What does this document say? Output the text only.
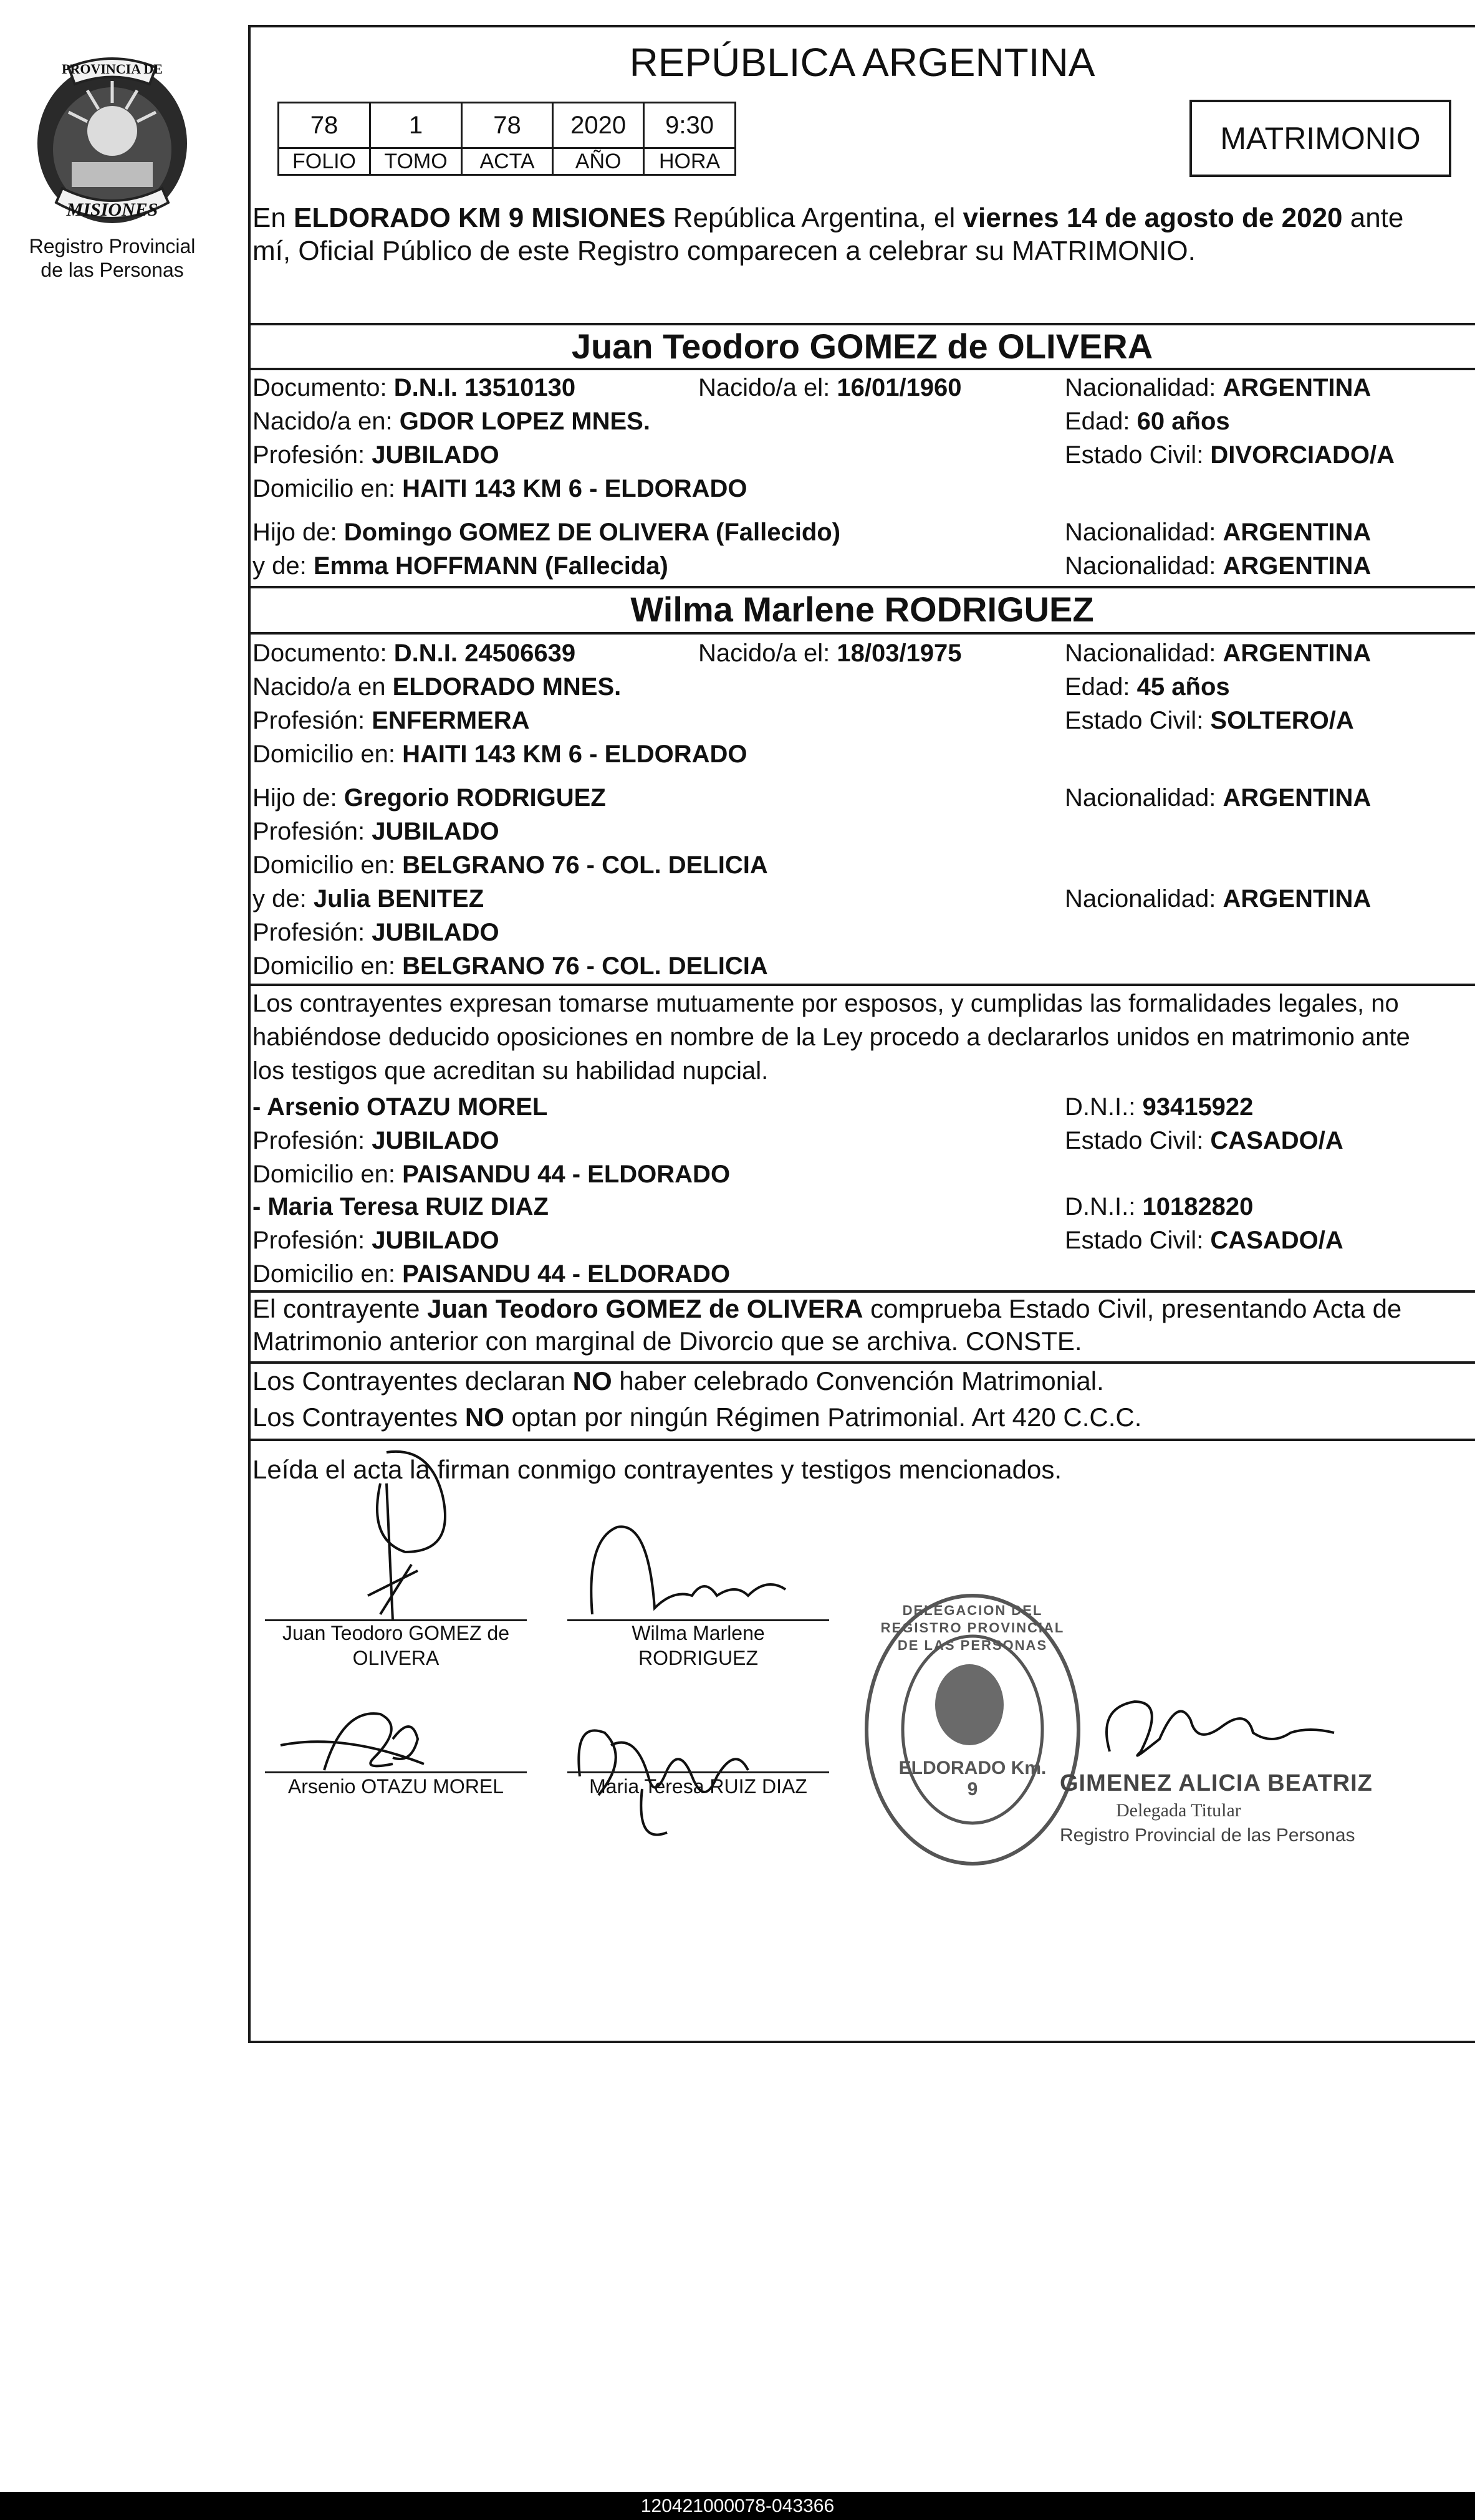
PROVINCIA DE
MISIONES
Registro Provincial
de las Personas
REPÚBLICA ARGENTINA
78	1	78	2020	9:30
FOLIO	TOMO	ACTA	AÑO	HORA
MATRIMONIO
En ELDORADO KM 9 MISIONES República Argentina, el viernes 14 de agosto de 2020 ante
mí, Oficial Público de este Registro comparecen a celebrar su MATRIMONIO.
Juan Teodoro GOMEZ de OLIVERA
Documento: D.N.I. 13510130	Nacido/a el: 16/01/1960	Nacionalidad: ARGENTINA
Nacido/a en: GDOR LOPEZ MNES.	Edad: 60 años
Profesión: JUBILADO	Estado Civil: DIVORCIADO/A
Domicilio en: HAITI 143 KM 6 - ELDORADO
Hijo de: Domingo GOMEZ DE OLIVERA (Fallecido)	Nacionalidad: ARGENTINA
y de: Emma HOFFMANN (Fallecida)	Nacionalidad: ARGENTINA
Wilma Marlene RODRIGUEZ
Documento: D.N.I. 24506639	Nacido/a el: 18/03/1975	Nacionalidad: ARGENTINA
Nacido/a en ELDORADO MNES.	Edad: 45 años
Profesión: ENFERMERA	Estado Civil: SOLTERO/A
Domicilio en: HAITI 143 KM 6 - ELDORADO
Hijo de: Gregorio RODRIGUEZ	Nacionalidad: ARGENTINA
Profesión: JUBILADO
Domicilio en: BELGRANO 76 - COL. DELICIA
y de: Julia BENITEZ	Nacionalidad: ARGENTINA
Profesión: JUBILADO
Domicilio en: BELGRANO 76 - COL. DELICIA
Los contrayentes expresan tomarse mutuamente por esposos, y cumplidas las formalidades legales, no
habiéndose deducido oposiciones en nombre de la Ley procedo a declararlos unidos en matrimonio ante
los testigos que acreditan su habilidad nupcial.
- Arsenio OTAZU MOREL	D.N.I.: 93415922
Profesión: JUBILADO	Estado Civil: CASADO/A
Domicilio en: PAISANDU 44 - ELDORADO
- Maria Teresa RUIZ DIAZ	D.N.I.: 10182820
Profesión: JUBILADO	Estado Civil: CASADO/A
Domicilio en: PAISANDU 44 - ELDORADO
El contrayente Juan Teodoro GOMEZ de OLIVERA comprueba Estado Civil, presentando Acta de
Matrimonio anterior con marginal de Divorcio que se archiva. CONSTE.
Los Contrayentes declaran NO haber celebrado Convención Matrimonial.
Los Contrayentes NO optan por ningún Régimen Patrimonial. Art 420 C.C.C.
Leída el acta la firman conmigo contrayentes y testigos mencionados.
Juan Teodoro GOMEZ de
OLIVERA
Wilma Marlene
RODRIGUEZ
Arsenio OTAZU MOREL	Maria Teresa RUIZ DIAZ
DELEGACION DEL REGISTRO PROVINCIAL DE LAS PERSONAS
ELDORADO Km. 9	GIMENEZ ALICIA BEATRIZ
Delegada Titular
Registro Provincial de las Personas
120421000078-043366
